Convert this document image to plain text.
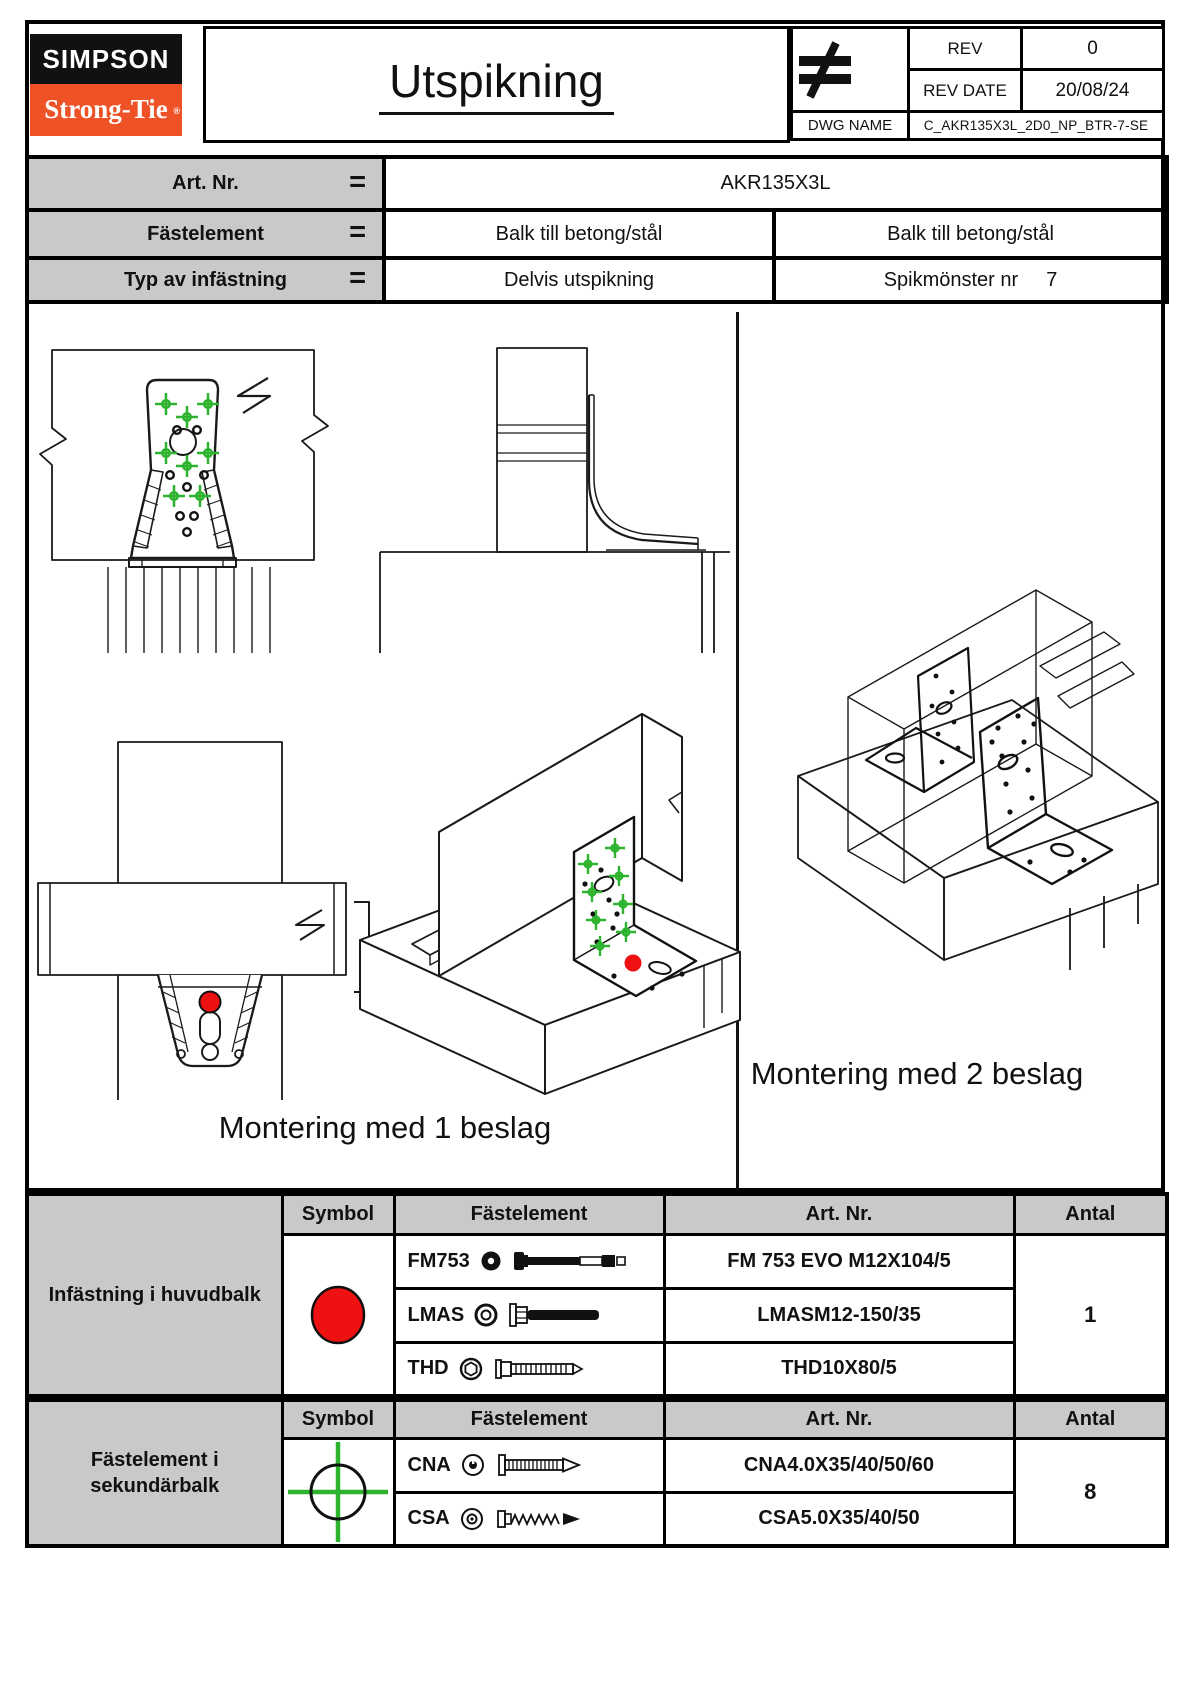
SIMPSON
Strong-Tie ®
Utspikning
	REV	0
	REV DATE	20/08/24
DWG NAME	C_AKR135X3L_2D0_NP_BTR-7-SE	
Art. Nr. =	AKR135X3L	
Fästelement =	Balk till betong/stål	Balk till betong/stål
Typ av infästning =	Delvis utspikning	Spikmönster nr 7
Montering med 1 beslag
Montering med 2 beslag
Infästning i huvudbalk	Symbol	Fästelement	Art. Nr.	Antal

FM753	FM 753 EVO M12X104/5	1

		LMAS	LMASM12-150/35	

		THD	THD10X80/5	
Fästelement i sekundärbalk	Symbol	Fästelement	Art. Nr.	Antal

CNA	CNA4.0X35/40/50/60	8

		CSA	CSA5.0X35/40/50	
